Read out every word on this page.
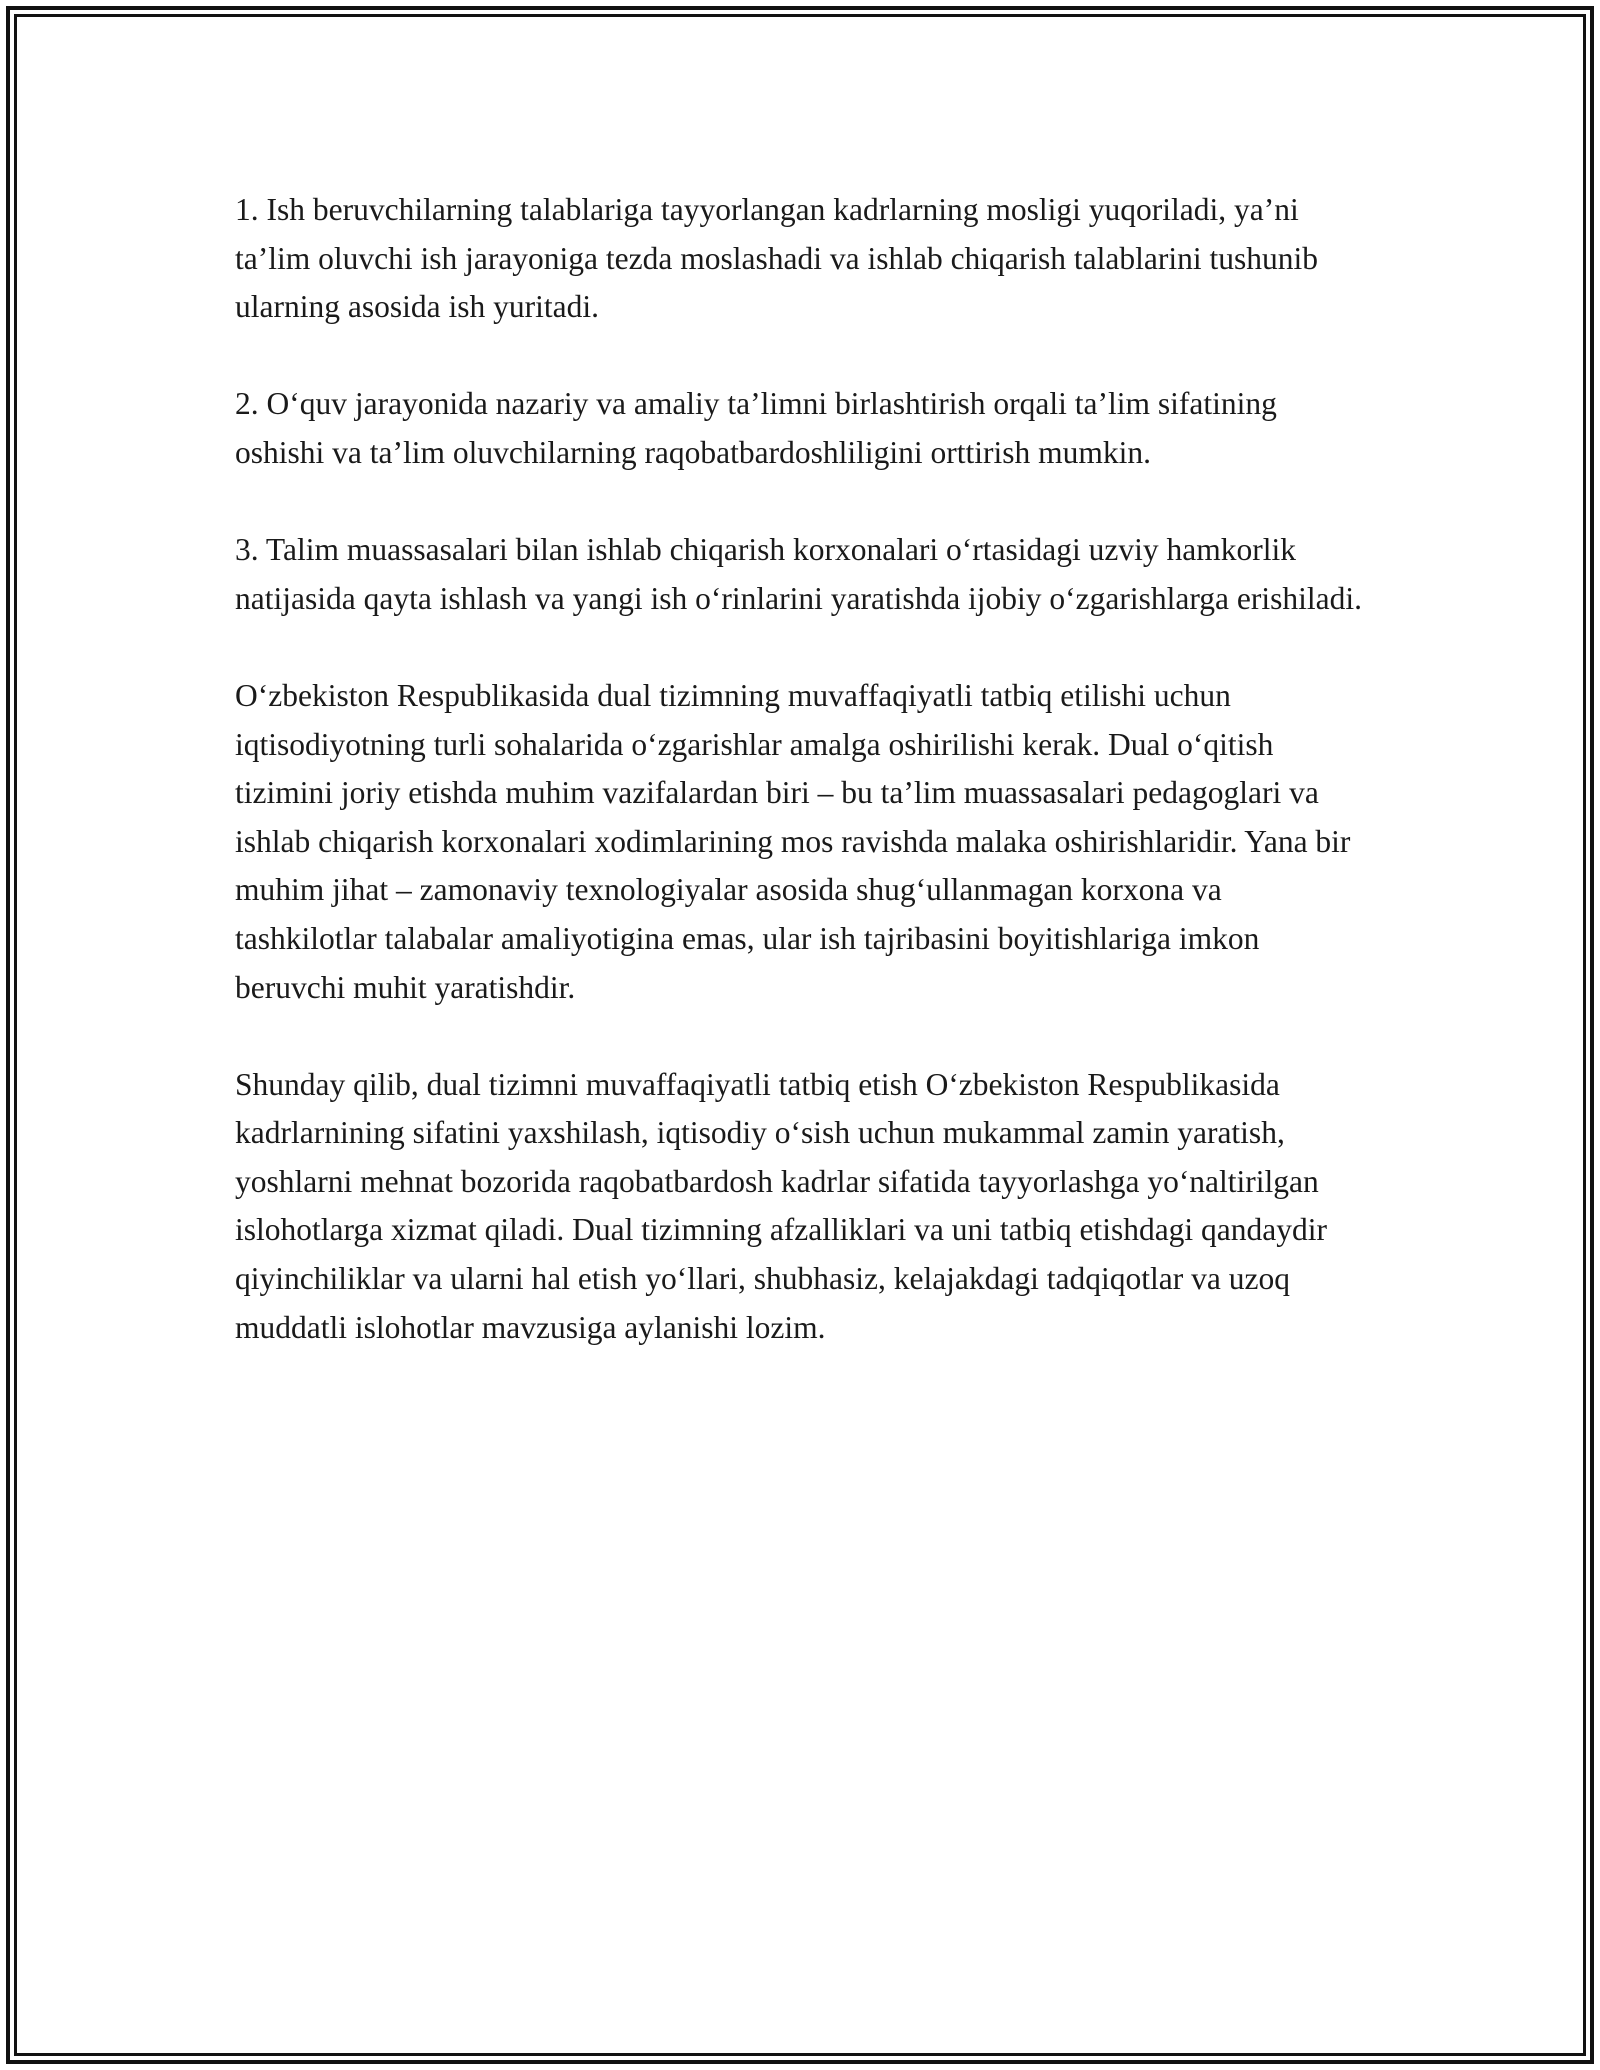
1. Ish beruvchilarning talablariga tayyorlangan kadrlarning mosligi yuqoriladi, ya’ni ta’lim oluvchi ish jarayoniga tezda moslashadi va ishlab chiqarish talablarini tushunib ularning asosida ish yuritadi.

2. O‘quv jarayonida nazariy va amaliy ta’limni birlashtirish orqali ta’lim sifatining oshishi va ta’lim oluvchilarning raqobatbardoshliligini orttirish mumkin.

3. Talim muassasalari bilan ishlab chiqarish korxonalari o‘rtasidagi uzviy hamkorlik natijasida qayta ishlash va yangi ish o‘rinlarini yaratishda ijobiy o‘zgarishlarga erishiladi.

O‘zbekiston Respublikasida dual tizimning muvaffaqiyatli tatbiq etilishi uchun iqtisodiyotning turli sohalarida o‘zgarishlar amalga oshirilishi kerak. Dual o‘qitish tizimini joriy etishda muhim vazifalardan biri – bu ta’lim muassasalari pedagoglari va ishlab chiqarish korxonalari xodimlarining mos ravishda malaka oshirishlaridir. Yana bir muhim jihat – zamonaviy texnologiyalar asosida shug‘ullanmagan korxona va tashkilotlar talabalar amaliyotigina emas, ular ish tajribasini boyitishlariga imkon beruvchi muhit yaratishdir.

Shunday qilib, dual tizimni muvaffaqiyatli tatbiq etish O‘zbekiston Respublikasida kadrlarnining sifatini yaxshilash, iqtisodiy o‘sish uchun mukammal zamin yaratish, yoshlarni mehnat bozorida raqobatbardosh kadrlar sifatida tayyorlashga yo‘naltirilgan islohotlarga xizmat qiladi. Dual tizimning afzalliklari va uni tatbiq etishdagi qandaydir qiyinchiliklar va ularni hal etish yo‘llari, shubhasiz, kelajakdagi tadqiqotlar va uzoq muddatli islohotlar mavzusiga aylanishi lozim.
